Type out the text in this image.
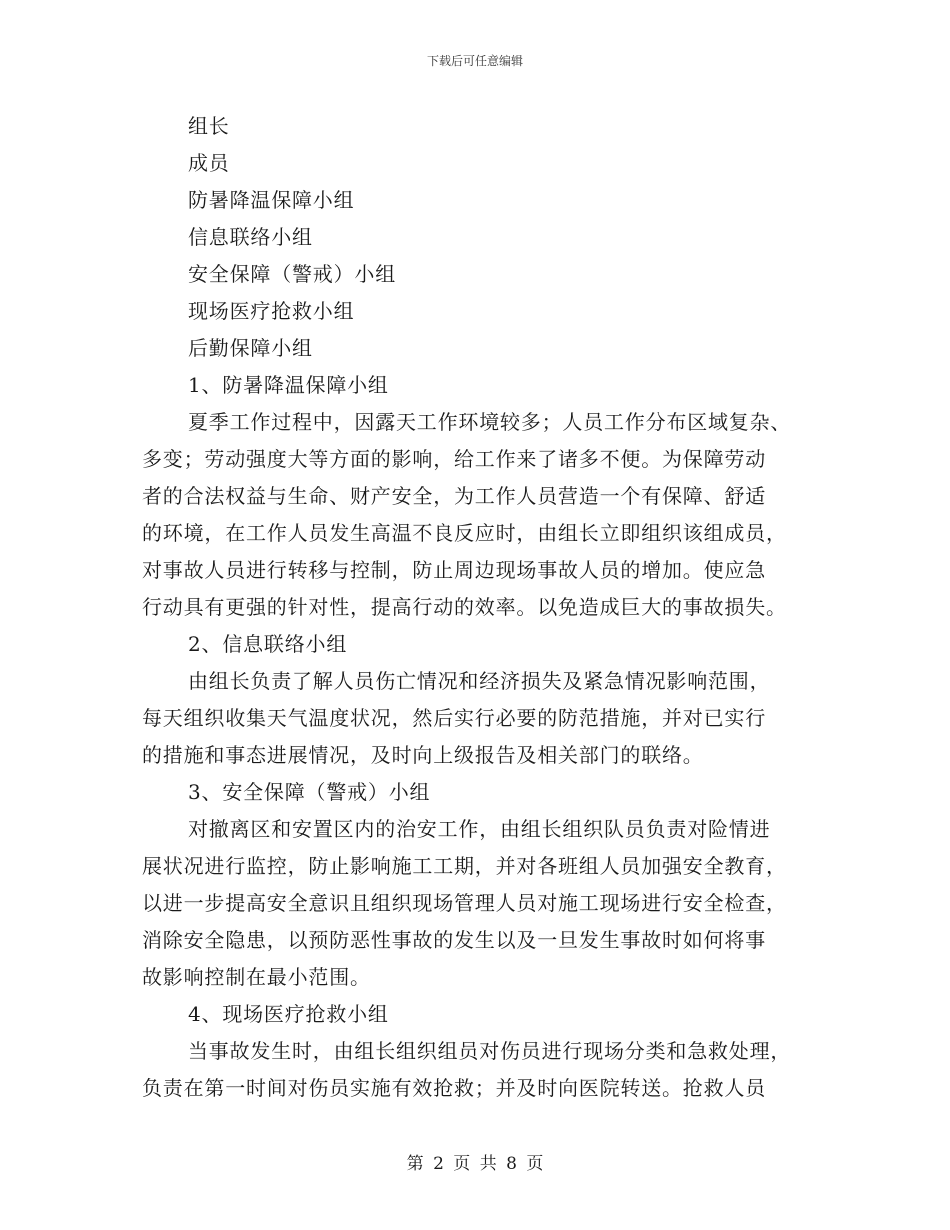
下载后可任意编辑
组长
成员
防暑降温保障小组
信息联络小组
安全保障（警戒）小组
现场医疗抢救小组
后勤保障小组
1、防暑降温保障小组
夏季工作过程中，因露天工作环境较多；人员工作分布区域复杂、
多变；劳动强度大等方面的影响，给工作来了诸多不便。为保障劳动
者的合法权益与生命、财产安全，为工作人员营造一个有保障、舒适
的环境，在工作人员发生高温不良反应时，由组长立即组织该组成员，
对事故人员进行转移与控制，防止周边现场事故人员的增加。使应急
行动具有更强的针对性，提高行动的效率。以免造成巨大的事故损失。
2、信息联络小组
由组长负责了解人员伤亡情况和经济损失及紧急情况影响范围，
每天组织收集天气温度状况，然后实行必要的防范措施，并对已实行
的措施和事态进展情况，及时向上级报告及相关部门的联络。
3、安全保障（警戒）小组
对撤离区和安置区内的治安工作，由组长组织队员负责对险情进
展状况进行监控，防止影响施工工期，并对各班组人员加强安全教育，
以进一步提高安全意识且组织现场管理人员对施工现场进行安全检查，
消除安全隐患，以预防恶性事故的发生以及一旦发生事故时如何将事
故影响控制在最小范围。
4、现场医疗抢救小组
当事故发生时，由组长组织组员对伤员进行现场分类和急救处理，
负责在第一时间对伤员实施有效抢救；并及时向医院转送。抢救人员
第 2 页 共 8 页
